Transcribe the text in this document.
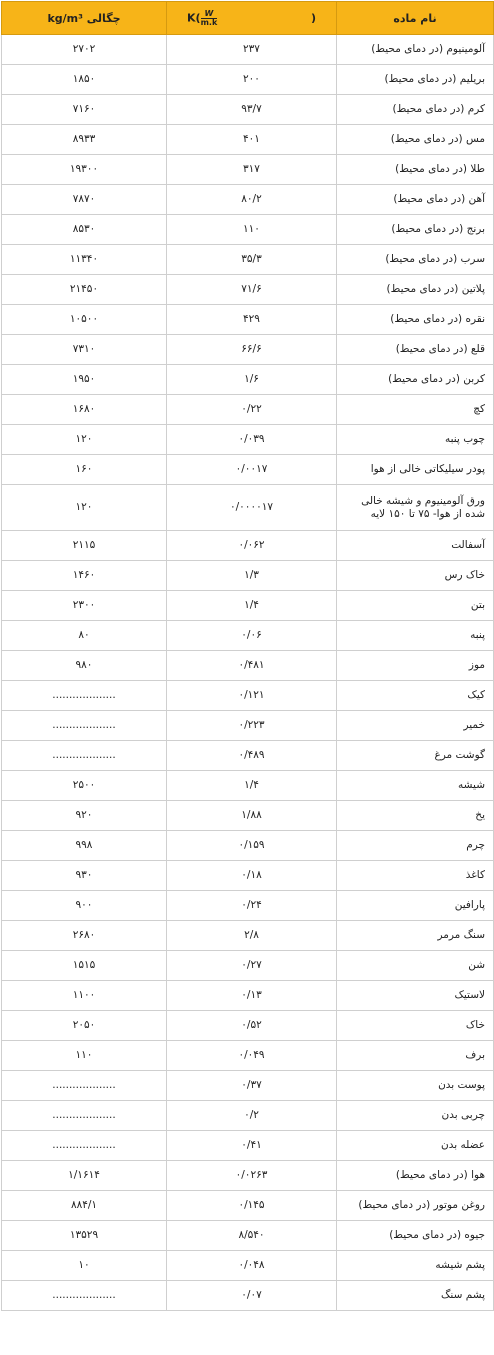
نام ماده	$K( \frac{W}{m.k}$ )	چگالی kg/m³
آلومینیوم (در دمای محیط)	۲۳۷	۲۷۰۲
بریلیم (در دمای محیط)	۲۰۰	۱۸۵۰
کرم (در دمای محیط)	۹۳/۷	۷۱۶۰
مس (در دمای محیط)	۴۰۱	۸۹۳۳
طلا (در دمای محیط)	۳۱۷	۱۹۳۰۰
آهن (در دمای محیط)	۸۰/۲	۷۸۷۰
برنج (در دمای محیط)	۱۱۰	۸۵۳۰
سرب (در دمای محیط)	۳۵/۳	۱۱۳۴۰
پلاتین (در دمای محیط)	۷۱/۶	۲۱۴۵۰
نقره (در دمای محیط)	۴۲۹	۱۰۵۰۰
قلع (در دمای محیط)	۶۶/۶	۷۳۱۰
کربن (در دمای محیط)	۱/۶	۱۹۵۰
کچ	۰/۲۲	۱۶۸۰
چوب پنبه	۰/۰۳۹	۱۲۰
پودر سیلیکاتی خالی از هوا	۰/۰۰۱۷	۱۶۰
ورق آلومینیوم و شیشه خالی شده از هوا- ۷۵ تا ۱۵۰ لایه	۰/۰۰۰۰۱۷	۱۲۰
آسفالت	۰/۰۶۲	۲۱۱۵
خاک رس	۱/۳	۱۴۶۰
بتن	۱/۴	۲۳۰۰
پنبه	۰/۰۶	۸۰
موز	۰/۴۸۱	۹۸۰
کیک	۰/۱۲۱	...................
خمیر	۰/۲۲۳	...................
گوشت مرغ	۰/۴۸۹	...................
شیشه	۱/۴	۲۵۰۰
یخ	۱/۸۸	۹۲۰
چرم	۰/۱۵۹	۹۹۸
کاغذ	۰/۱۸	۹۳۰
پارافین	۰/۲۴	۹۰۰
سنگ مرمر	۲/۸	۲۶۸۰
شن	۰/۲۷	۱۵۱۵
لاستیک	۰/۱۳	۱۱۰۰
خاک	۰/۵۲	۲۰۵۰
برف	۰/۰۴۹	۱۱۰
پوست بدن	۰/۳۷	...................
چربی بدن	۰/۲	...................
عضله بدن	۰/۴۱	...................
هوا (در دمای محیط)	۰/۰۲۶۳	۱/۱۶۱۴
روغن موتور (در دمای محیط)	۰/۱۴۵	۸۸۴/۱
جیوه (در دمای محیط)	۸/۵۴۰	۱۳۵۲۹
پشم شیشه	۰/۰۴۸	۱۰
پشم سنگ	۰/۰۷	...................
